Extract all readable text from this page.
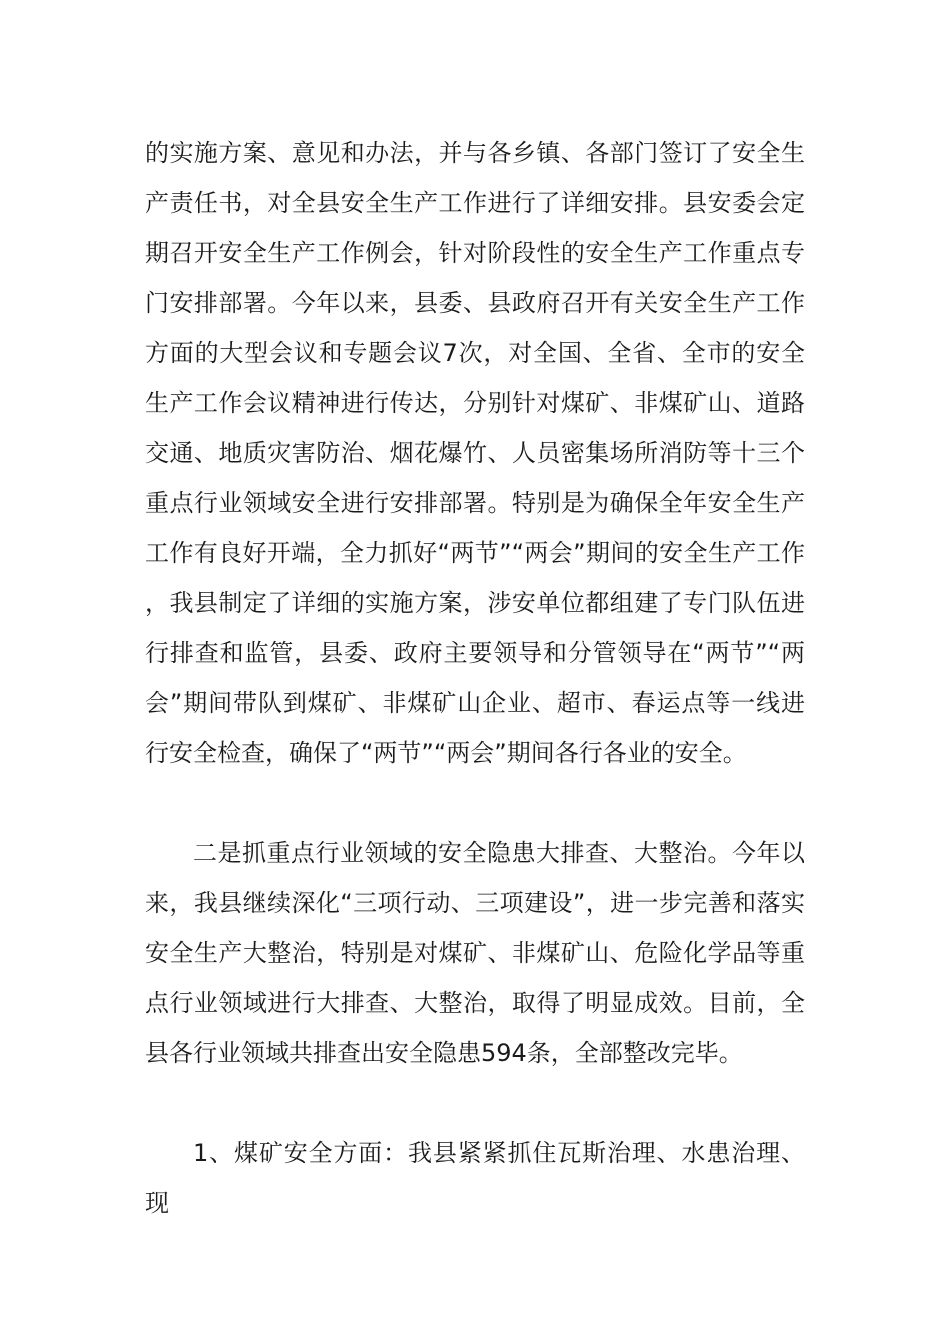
的实施方案、意见和办法，并与各乡镇、各部门签订了安全生产责任书，对全县安全生产工作进行了详细安排。县安委会定期召开安全生产工作例会，针对阶段性的安全生产工作重点专门安排部署。今年以来，县委、县政府召开有关安全生产工作方面的大型会议和专题会议7次，对全国、全省、全市的安全生产工作会议精神进行传达，分别针对煤矿、非煤矿山、道路交通、地质灾害防治、烟花爆竹、人员密集场所消防等十三个重点行业领域安全进行安排部署。特别是为确保全年安全生产工作有良好开端，全力抓好“两节”“两会”期间的安全生产工作，我县制定了详细的实施方案，涉安单位都组建了专门队伍进行排查和监管，县委、政府主要领导和分管领导在“两节”“两会”期间带队到煤矿、非煤矿山企业、超市、春运点等一线进行安全检查，确保了“两节”“两会”期间各行各业的安全。

二是抓重点行业领域的安全隐患大排查、大整治。今年以来，我县继续深化“三项行动、三项建设”，进一步完善和落实安全生产大整治，特别是对煤矿、非煤矿山、危险化学品等重点行业领域进行大排查、大整治，取得了明显成效。目前，全县各行业领域共排查出安全隐患594条，全部整改完毕。

1、煤矿安全方面：我县紧紧抓住瓦斯治理、水患治理、现
